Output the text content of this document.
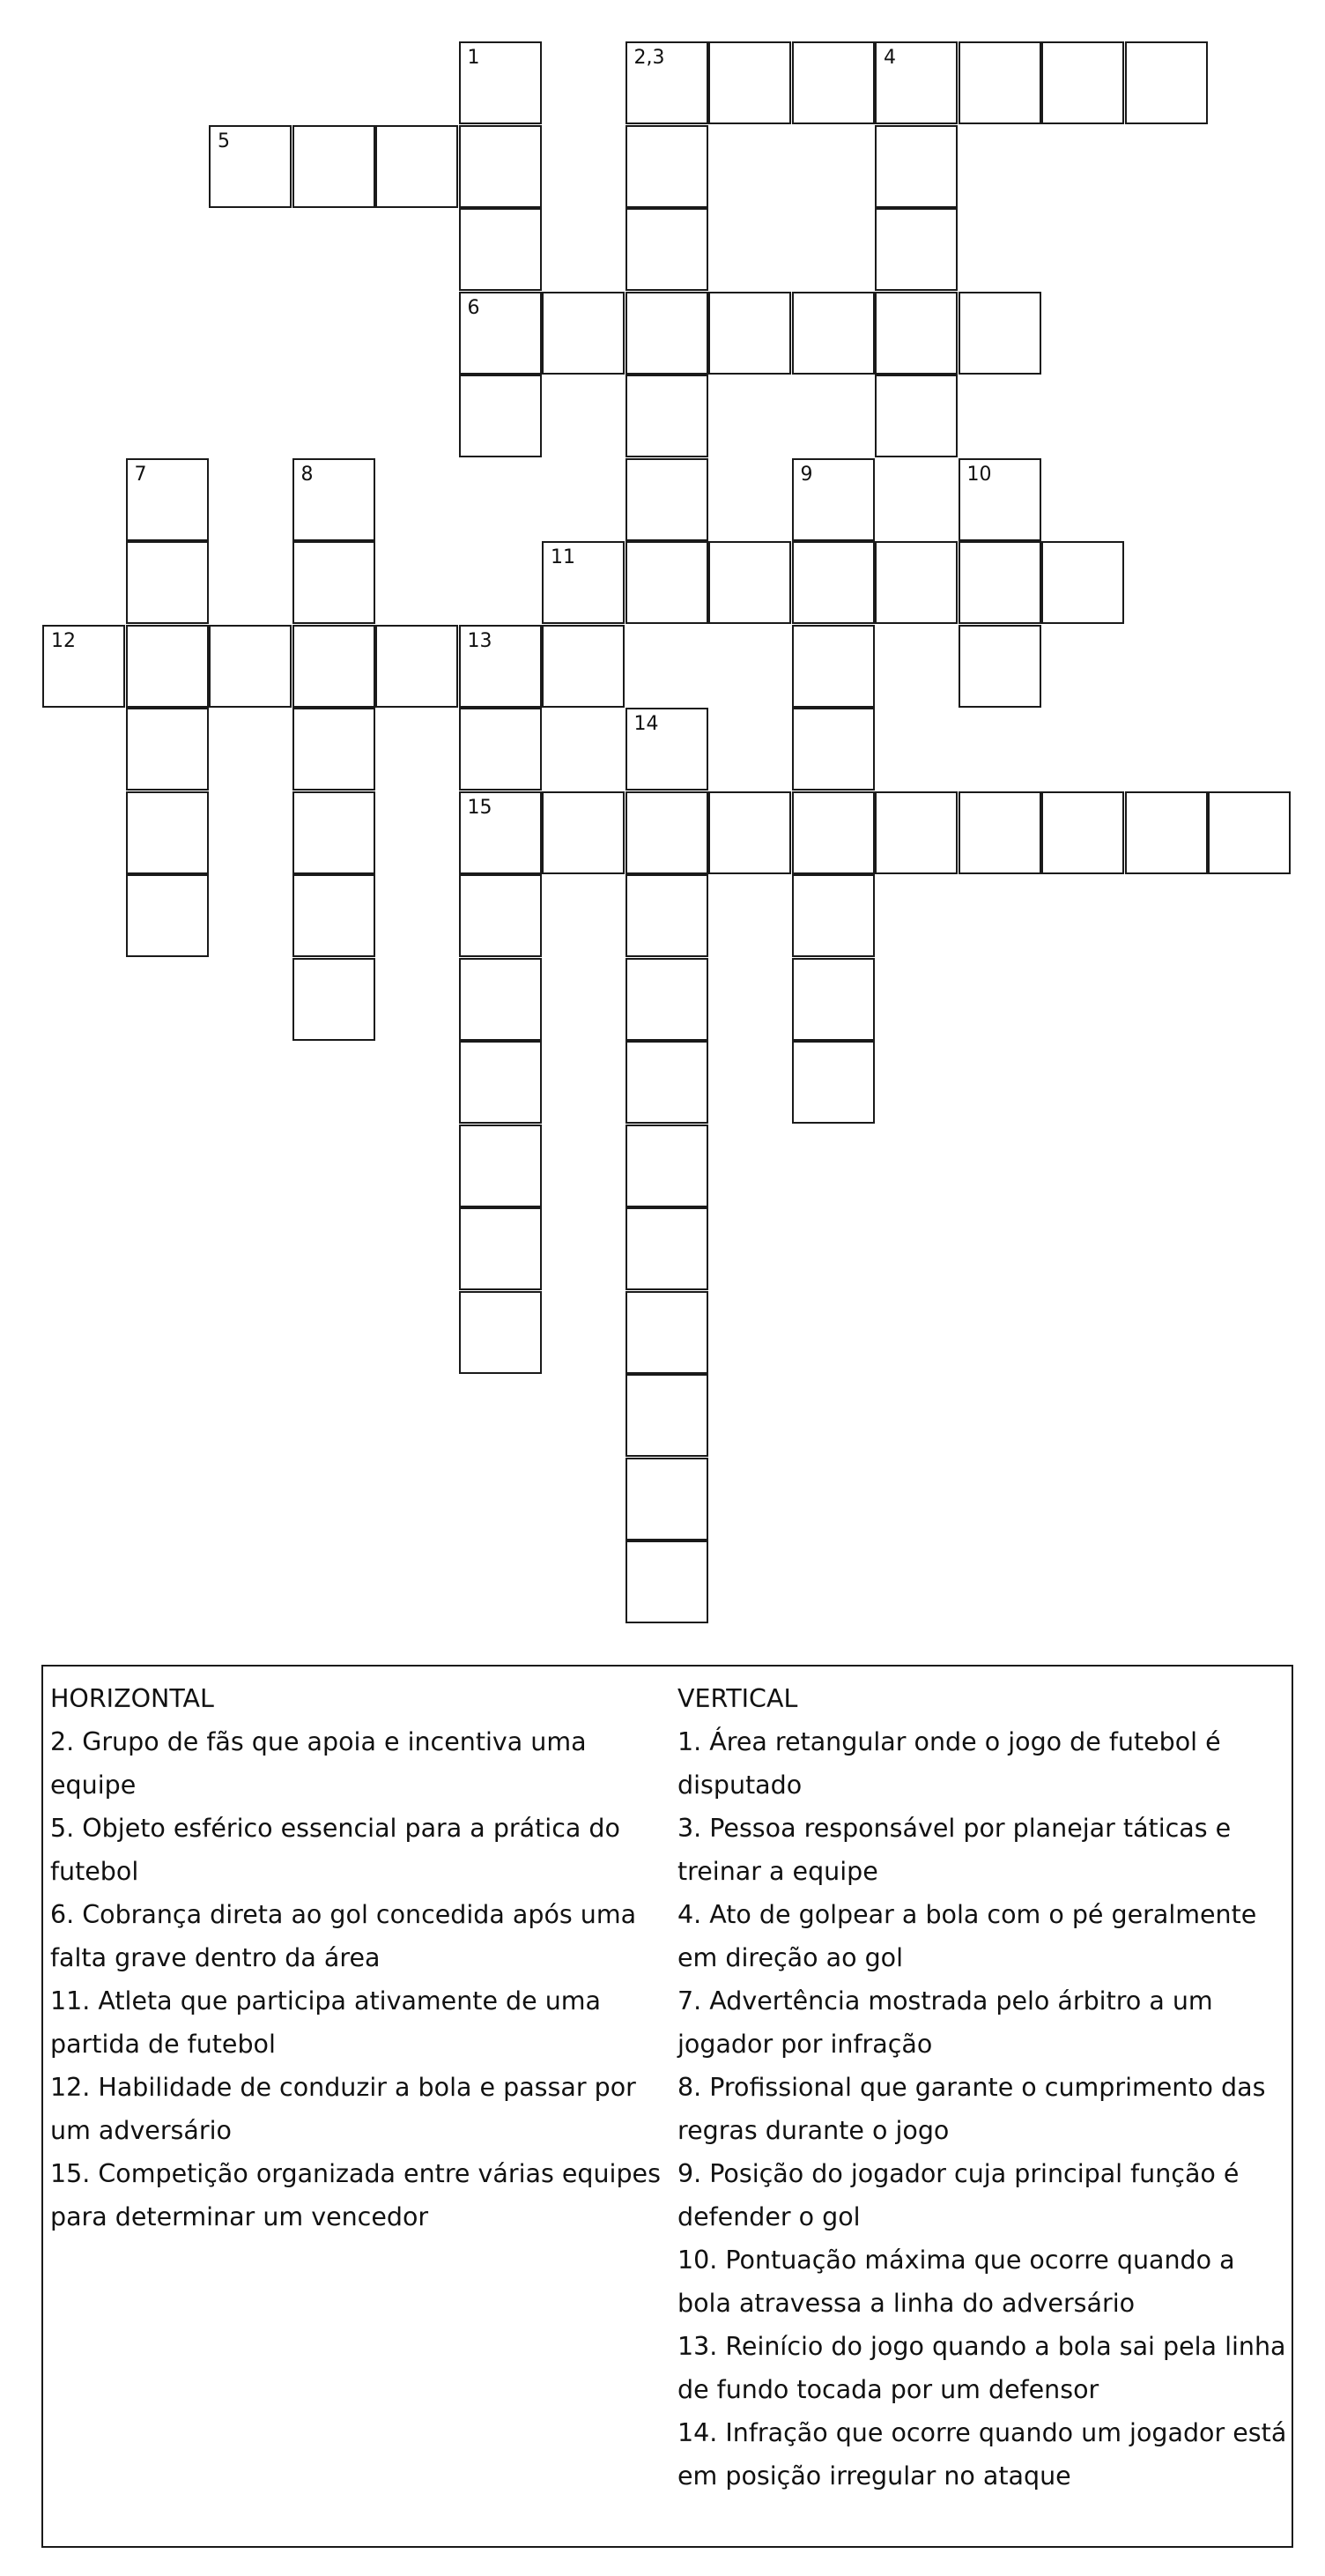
1
6
2,3	4
5
7	8	9	10
11
12	13
15
14
HORIZONTAL
2. Grupo de fãs que apoia e incentiva uma equipe
5. Objeto esférico essencial para a prática do futebol
6. Cobrança direta ao gol concedida após uma falta grave dentro da área
11. Atleta que participa ativamente de uma partida de futebol
12. Habilidade de conduzir a bola e passar por um adversário
15. Competição organizada entre várias equipes para determinar um vencedor
VERTICAL
1. Área retangular onde o jogo de futebol é disputado
3. Pessoa responsável por planejar táticas e treinar a equipe
4. Ato de golpear a bola com o pé geralmente em direção ao gol
7. Advertência mostrada pelo árbitro a um jogador por infração
8. Profissional que garante o cumprimento das regras durante o jogo
9. Posição do jogador cuja principal função é defender o gol
10. Pontuação máxima que ocorre quando a bola atravessa a linha do adversário
13. Reinício do jogo quando a bola sai pela linha de fundo tocada por um defensor
14. Infração que ocorre quando um jogador está em posição irregular no ataque
